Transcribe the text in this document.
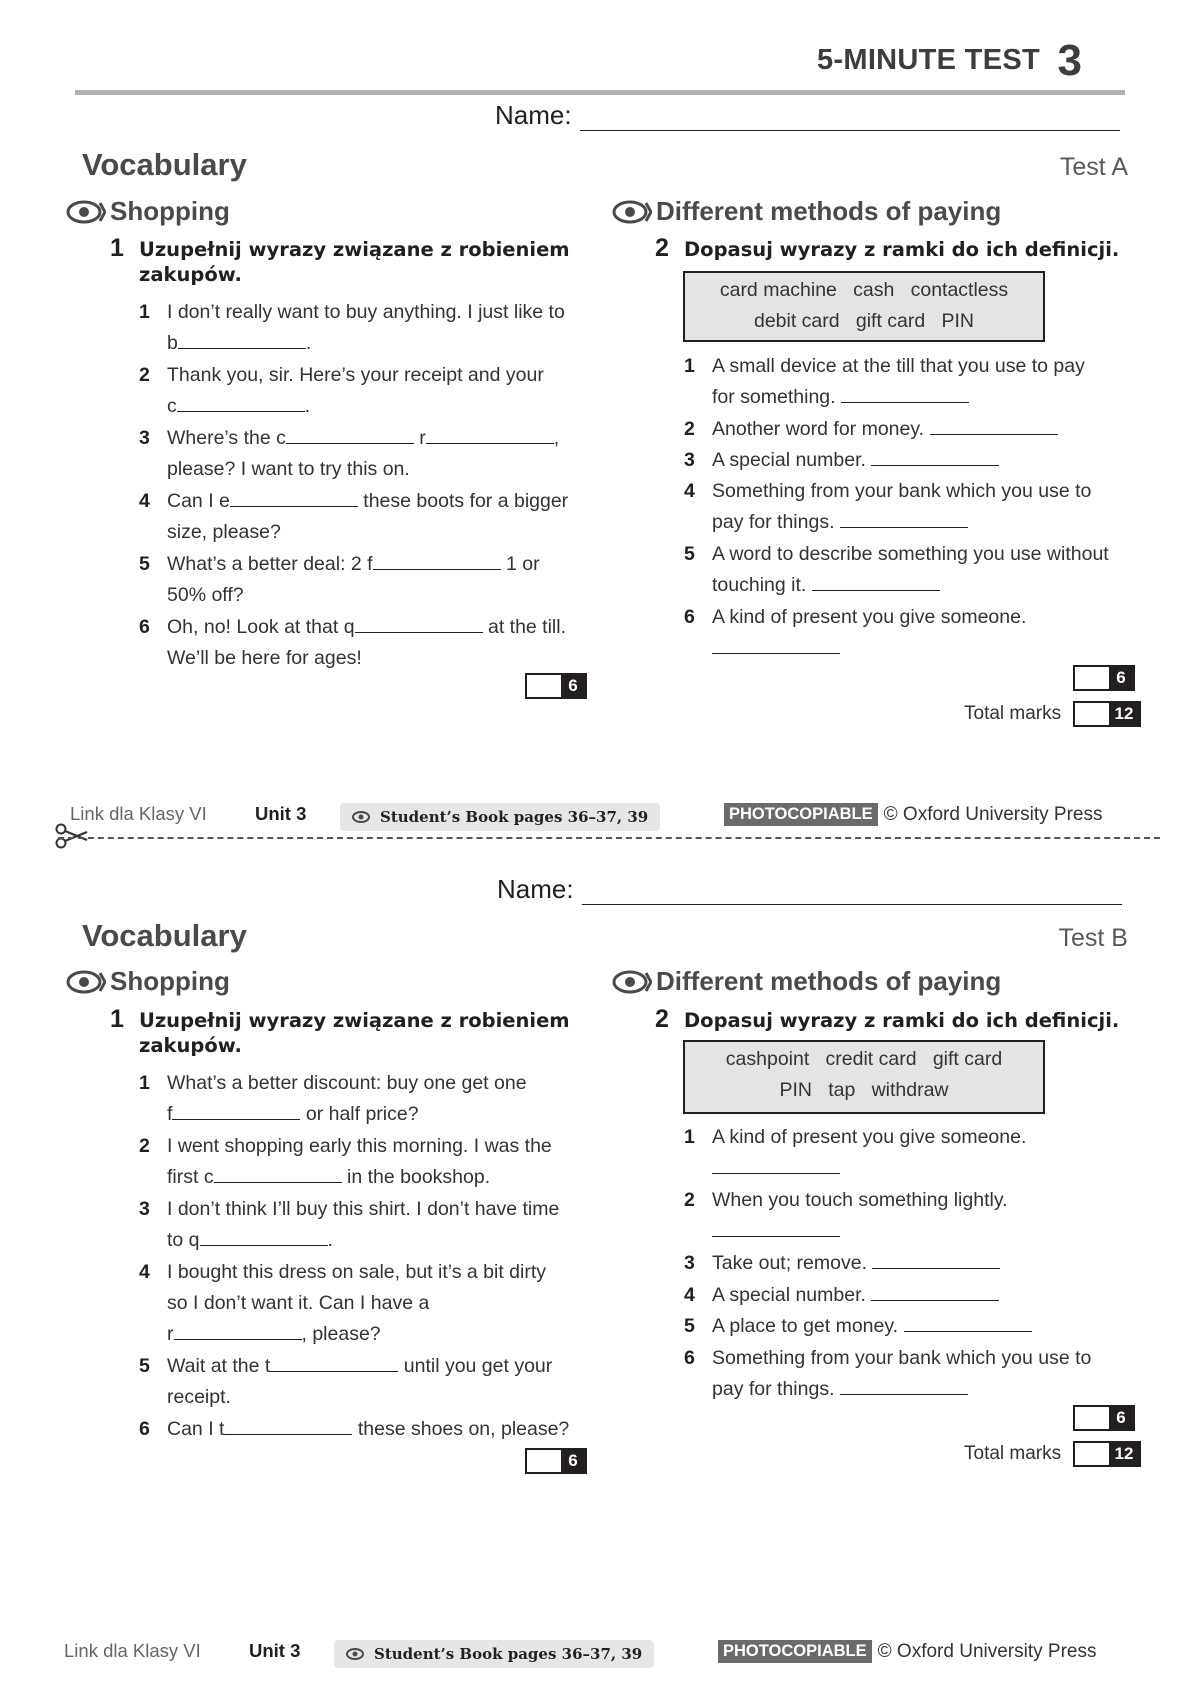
5-MINUTE TEST 3
Name:
Vocabulary	Test A
Shopping
1 Uzupełnij wyrazy związane z robieniem
zakupów.
1 I don’t really want to buy anything. I just like to
b	.
2 Thank you, sir. Here’s your receipt and your
c	.
3 Where’s the c	r	,
please? I want to try this on.
4 Can I e	these boots for a bigger
size, please?
5 What’s a better deal: 2 f	1 or
50% off?
6 Oh, no! Look at that q	at the till.
We’ll be here for ages!
6
Different methods of paying
2 Dopasuj wyrazy z ramki do ich definicji.
card machine   cash   contactless
debit card   gift card   PIN
1 A small device at the till that you use to pay
for something.
2 Another word for money.
3 A special number.
4 Something from your bank which you use to
pay for things.
5 A word to describe something you use without
touching it.
6 A kind of present you give someone.

6
Total marks	12
Link dla Klasy VI	Unit 3	Student’s Book pages 36–37, 39	PHOTOCOPIABLE © Oxford University Press
Name:
Vocabulary	Test B
Shopping
1 Uzupełnij wyrazy związane z robieniem
zakupów.
1 What’s a better discount: buy one get one
f	or half price?
2 I went shopping early this morning. I was the
first c	in the bookshop.
3 I don’t think I’ll buy this shirt. I don’t have time
to q	.
4 I bought this dress on sale, but it’s a bit dirty
so I don’t want it. Can I have a
r	, please?
5 Wait at the t	until you get your
receipt.
6 Can I t	these shoes on, please?
6
Different methods of paying
2 Dopasuj wyrazy z ramki do ich definicji.
cashpoint   credit card   gift card
PIN   tap   withdraw
1 A kind of present you give someone.

2 When you touch something lightly.

3 Take out; remove.
4 A special number.
5 A place to get money.
6 Something from your bank which you use to
pay for things.
6
Total marks	12
Link dla Klasy VI	Unit 3	Student’s Book pages 36–37, 39	PHOTOCOPIABLE © Oxford University Press
